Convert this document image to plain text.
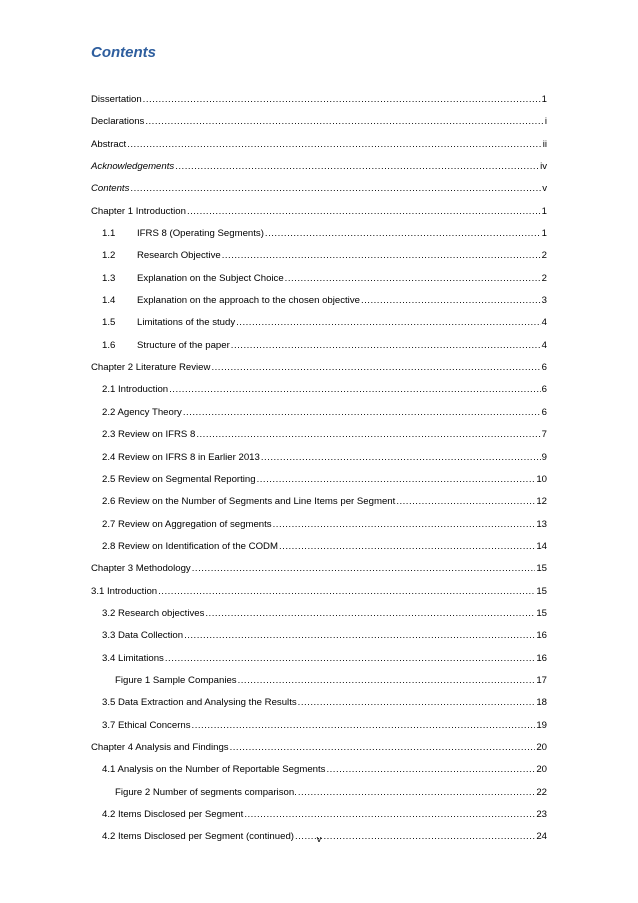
Contents
Dissertation .....	1
Declarations .....	i
Abstract .....	ii
Acknowledgements .....	iv
Contents .....	v
Chapter 1 Introduction .....	1
1.1	IFRS 8 (Operating Segments) .....	1
1.2	Research Objective .....	2
1.3	Explanation on the Subject Choice .....	2
1.4	Explanation on the approach to the chosen objective .....	3
1.5	Limitations of the study .....	4
1.6	Structure of the paper .....	4
Chapter 2 Literature Review .....	6
2.1 Introduction .....	6
2.2 Agency Theory .....	6
2.3 Review on IFRS 8 .....	7
2.4 Review on IFRS 8 in Earlier 2013 .....	9
2.5 Review on Segmental Reporting .....	10
2.6 Review on the Number of Segments and Line Items per Segment .....	12
2.7 Review on Aggregation of segments .....	13
2.8 Review on Identification of the CODM .....	14
Chapter 3 Methodology .....	15
3.1 Introduction .....	15
3.2 Research objectives .....	15
3.3 Data Collection .....	16
3.4 Limitations .....	16
Figure 1 Sample Companies .....	17
3.5 Data Extraction and Analysing the Results .....	18
3.7 Ethical Concerns .....	19
Chapter 4 Analysis and Findings .....	20
4.1 Analysis on the Number of Reportable Segments .....	20
Figure 2 Number of segments comparison. .....	22
4.2 Items Disclosed per Segment .....	23
4.2 Items Disclosed per Segment (continued) .....	24
v
